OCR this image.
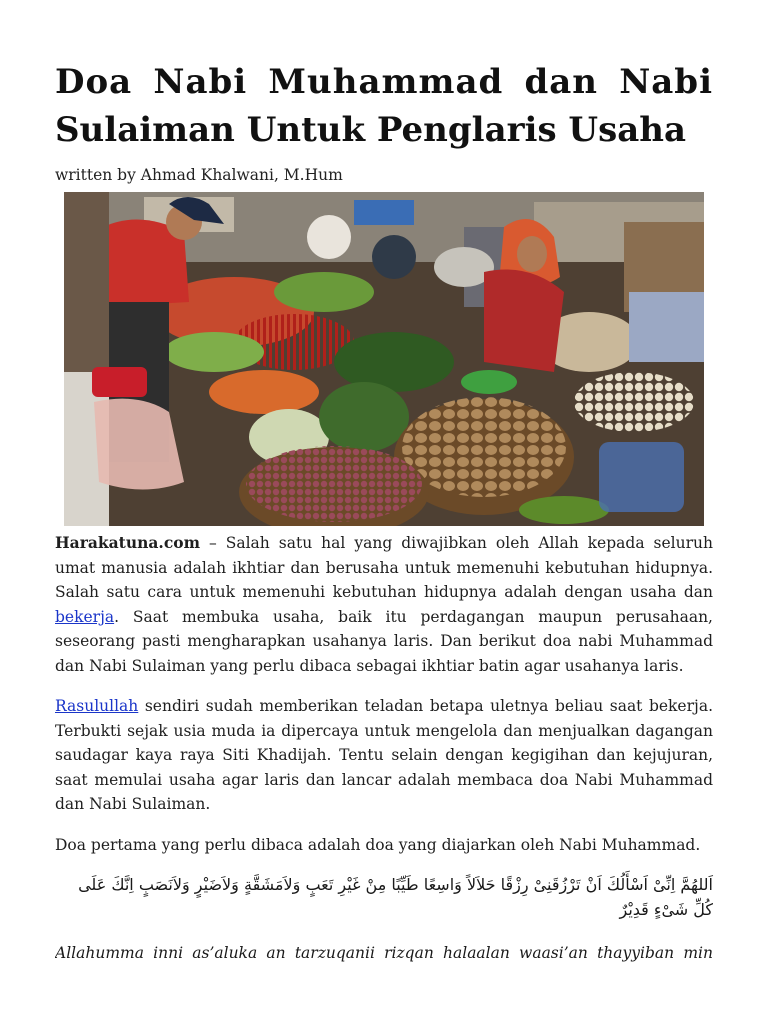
Doa Nabi Muhammad dan Nabi
Sulaiman Untuk Penglaris Usaha
written by Ahmad Khalwani, M.Hum

Harakatuna.com – Salah satu hal yang diwajibkan oleh Allah kepada seluruh umat manusia adalah ikhtiar dan berusaha untuk memenuhi kebutuhan hidupnya. Salah satu cara untuk memenuhi kebutuhan hidupnya adalah dengan usaha dan bekerja. Saat membuka usaha, baik itu perdagangan maupun perusahaan, seseorang pasti mengharapkan usahanya laris. Dan berikut doa nabi Muhammad dan Nabi Sulaiman yang perlu dibaca sebagai ikhtiar batin agar usahanya laris.

Rasulullah sendiri sudah memberikan teladan betapa uletnya beliau saat bekerja. Terbukti sejak usia muda ia dipercaya untuk mengelola dan menjualkan dagangan saudagar kaya raya Siti Khadijah. Tentu selain dengan kegigihan dan kejujuran, saat memulai usaha agar laris dan lancar adalah membaca doa Nabi Muhammad dan Nabi Sulaiman.

Doa pertama yang perlu dibaca adalah doa yang diajarkan oleh Nabi Muhammad.

اَللهُمَّ اِنِّىْ اَسْأَلُكَ اَنْ تَرْزُقَنِىْ رِزْقًا حَلاَلاً وَاسِعًا طَيِّبًا مِنْ غَيْرِ تَعَبٍ وَلاَمَشَقَّةٍ وَلاَضَيْرٍ وَلاَنَصَبٍ اِنَّكَ عَلَى كُلِّ شَىْءٍ قَدِيْرٌ
Allahumma inni as’aluka an tarzuqanii rizqan halaalan waasi’an thayyiban min
